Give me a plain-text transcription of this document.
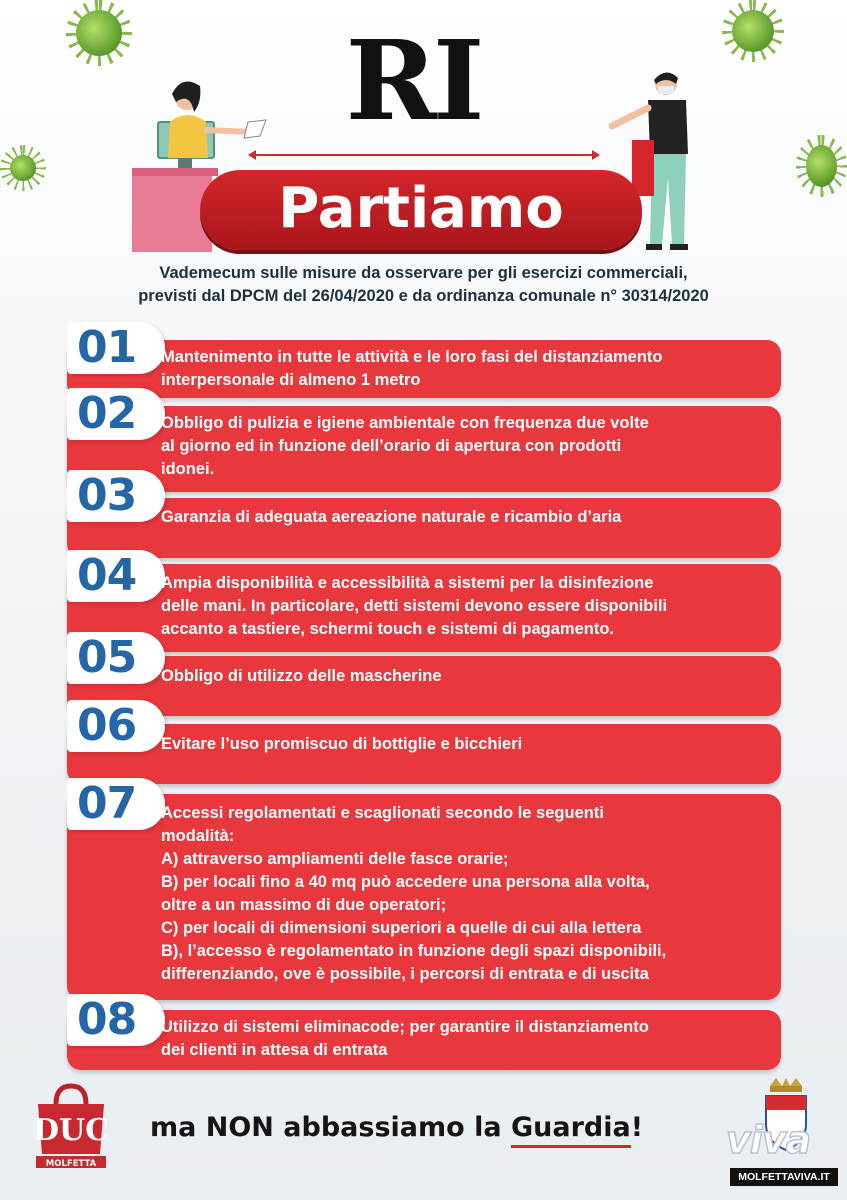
RI
Partiamo
Vademecum sulle misure da osservare per gli esercizi commerciali,
previsti dal DPCM del 26/04/2020 e da ordinanza comunale n° 30314/2020
01 Mantenimento in tutte le attività e le loro fasi del distanziamento
interpersonale di almeno 1 metro
02 Obbligo di pulizia e igiene ambientale con frequenza due volte
al giorno ed in funzione dell’orario di apertura con prodotti
idonei.
03 Garanzia di adeguata aereazione naturale e ricambio d’aria
04 Ampia disponibilità e accessibilità a sistemi per la disinfezione
delle mani. In particolare, detti sistemi devono essere disponibili
accanto a tastiere, schermi touch e sistemi di pagamento.
05 Obbligo di utilizzo delle mascherine
06 Evitare l’uso promiscuo di bottiglie e bicchieri
07 Accessi regolamentati e scaglionati secondo le seguenti
modalità:
A) attraverso ampliamenti delle fasce orarie;
B) per locali fino a 40 mq può accedere una persona alla volta,
oltre a un massimo di due operatori;
C) per locali di dimensioni superiori a quelle di cui alla lettera
B), l’accesso è regolamentato in funzione degli spazi disponibili,
differenziando, ove è possibile, i percorsi di entrata e di uscita
08 Utilizzo di sistemi eliminacode; per garantire il distanziamento
dei clienti in attesa di entrata
DUC
MOLFETTA
ma NON abbassiamo la Guardia! viva
MOLFETTAVIVA.IT
